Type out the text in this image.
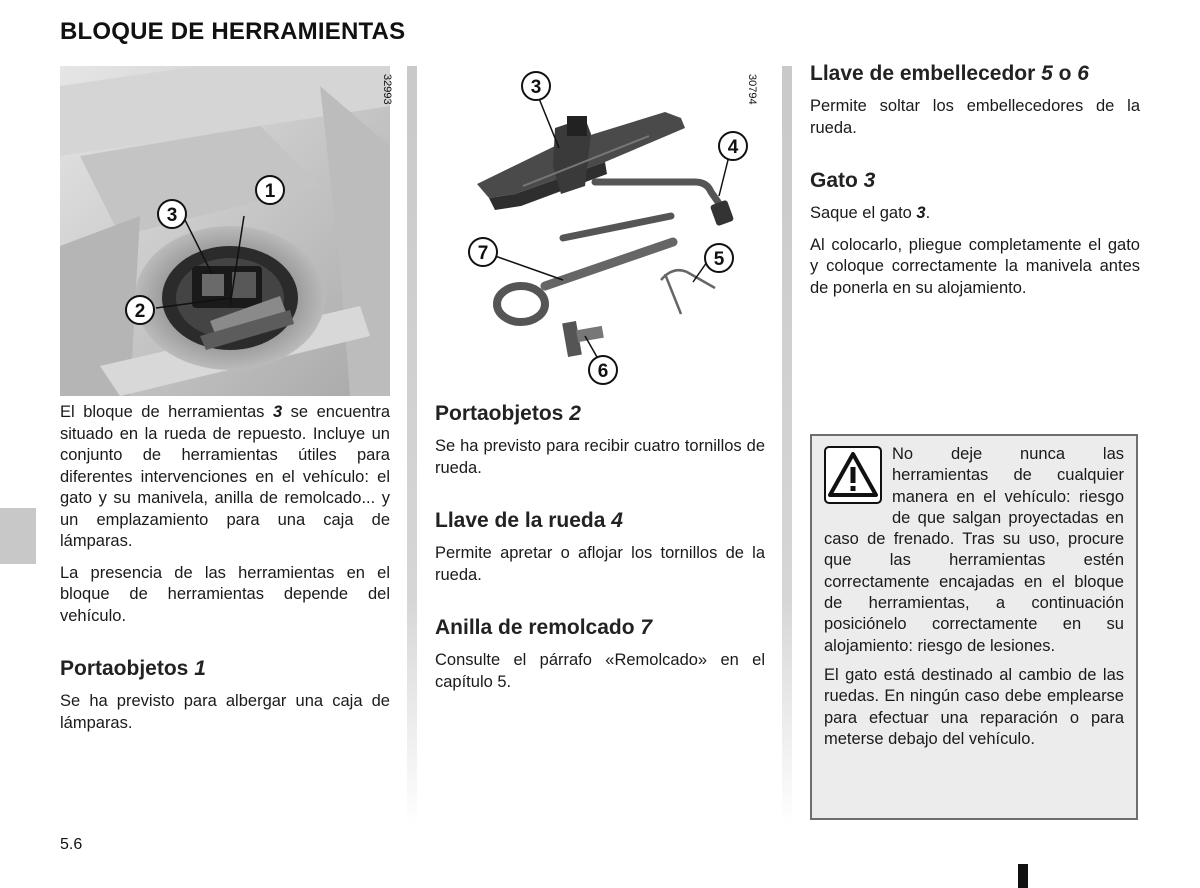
BLOQUE DE HERRAMIENTAS
1
3
2
32993	3
4
7	5
6
30794

El bloque de herramientas 3 se encuentra situado en la rueda de repuesto. Incluye un conjunto de herramientas útiles para diferentes intervenciones en el vehículo: el gato y su manivela, anilla de remolcado... y un emplazamiento para una caja de lámparas.

La presencia de las herramientas en el bloque de herramientas depende del vehículo.

Portaobjetos 1

Se ha previsto para albergar una caja de lámparas.

Portaobjetos 2

Se ha previsto para recibir cuatro tornillos de rueda.

Llave de la rueda 4

Permite apretar o aflojar los tornillos de la rueda.

Anilla de remolcado 7

Consulte el párrafo «Remolcado» en el capítulo 5.

Llave de embellecedor 5 o 6

Permite soltar los embellecedores de la rueda.

Gato 3

Saque el gato 3.

Al colocarlo, pliegue completamente el gato y coloque correctamente la manivela antes de ponerla en su alojamiento.

No deje nunca las herramientas de cualquier manera en el vehículo: riesgo de que salgan proyectadas en caso de frenado. Tras su uso, procure que las herramientas estén correctamente encajadas en el bloque de herramientas, a continuación posiciónelo correctamente en su alojamiento: riesgo de lesiones.

El gato está destinado al cambio de las ruedas. En ningún caso debe emplearse para efectuar una reparación o para meterse debajo del vehículo.

5.6
